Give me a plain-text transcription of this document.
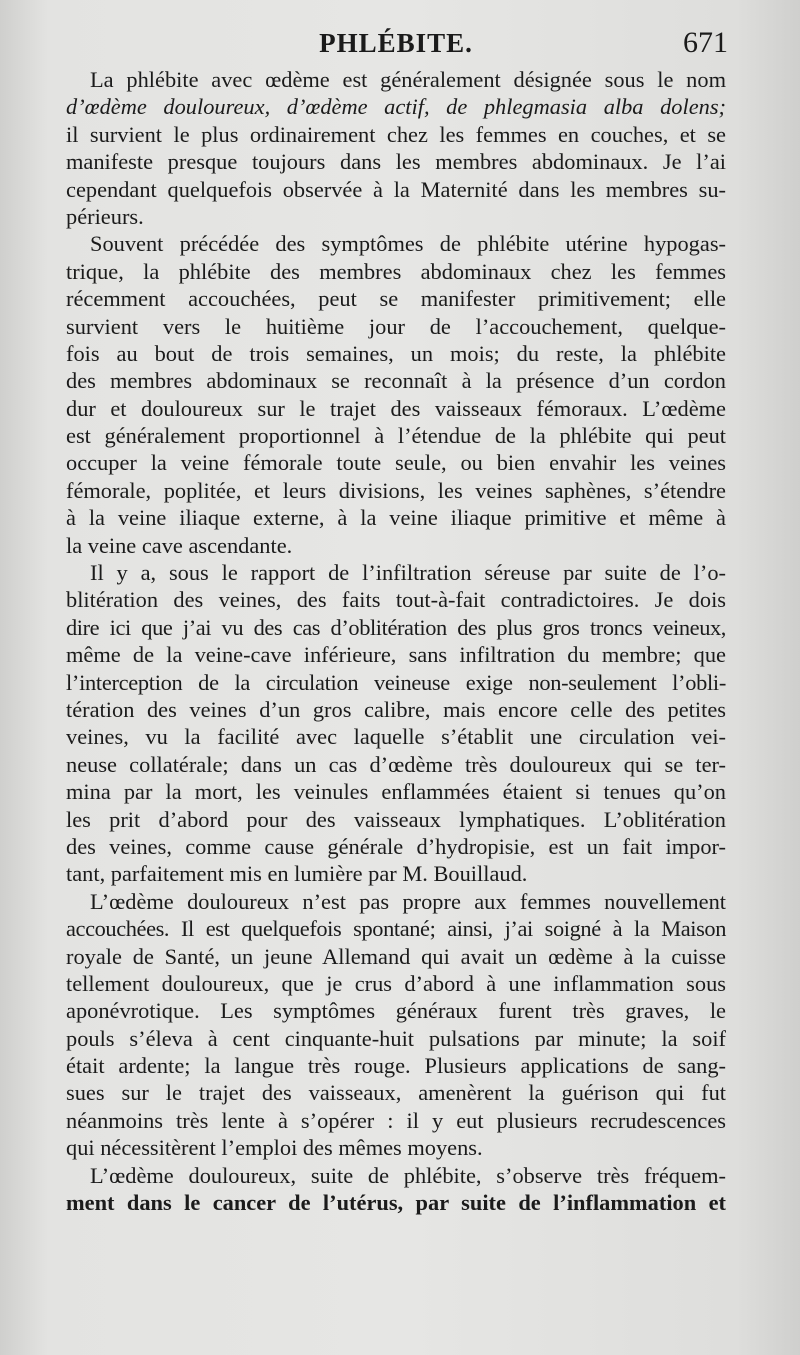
PHLÉBITE.	671
La phlébite avec œdème est généralement désignée sous le nom
d’œdème douloureux, d’œdème actif, de phlegmasia alba dolens;
il survient le plus ordinairement chez les femmes en couches, et se
manifeste presque toujours dans les membres abdominaux. Je l’ai
cependant quelquefois observée à la Maternité dans les membres su-
périeurs.
Souvent précédée des symptômes de phlébite utérine hypogas-
trique, la phlébite des membres abdominaux chez les femmes
récemment accouchées, peut se manifester primitivement; elle
survient vers le huitième jour de l’accouchement, quelque-
fois au bout de trois semaines, un mois; du reste, la phlébite
des membres abdominaux se reconnaît à la présence d’un cordon
dur et douloureux sur le trajet des vaisseaux fémoraux. L’œdème
est généralement proportionnel à l’étendue de la phlébite qui peut
occuper la veine fémorale toute seule, ou bien envahir les veines
fémorale, poplitée, et leurs divisions, les veines saphènes, s’étendre
à la veine iliaque externe, à la veine iliaque primitive et même à
la veine cave ascendante.
Il y a, sous le rapport de l’infiltration séreuse par suite de l’o-
blitération des veines, des faits tout-à-fait contradictoires. Je dois
dire ici que j’ai vu des cas d’oblitération des plus gros troncs veineux,
même de la veine-cave inférieure, sans infiltration du membre; que
l’interception de la circulation veineuse exige non-seulement l’obli-
tération des veines d’un gros calibre, mais encore celle des petites
veines, vu la facilité avec laquelle s’établit une circulation vei-
neuse collatérale; dans un cas d’œdème très douloureux qui se ter-
mina par la mort, les veinules enflammées étaient si tenues qu’on
les prit d’abord pour des vaisseaux lymphatiques. L’oblitération
des veines, comme cause générale d’hydropisie, est un fait impor-
tant, parfaitement mis en lumière par M. Bouillaud.
L’œdème douloureux n’est pas propre aux femmes nouvellement
accouchées. Il est quelquefois spontané; ainsi, j’ai soigné à la Maison
royale de Santé, un jeune Allemand qui avait un œdème à la cuisse
tellement douloureux, que je crus d’abord à une inflammation sous
aponévrotique. Les symptômes généraux furent très graves, le
pouls s’éleva à cent cinquante-huit pulsations par minute; la soif
était ardente; la langue très rouge. Plusieurs applications de sang-
sues sur le trajet des vaisseaux, amenèrent la guérison qui fut
néanmoins très lente à s’opérer : il y eut plusieurs recrudescences
qui nécessitèrent l’emploi des mêmes moyens.
L’œdème douloureux, suite de phlébite, s’observe très fréquem-
ment dans le cancer de l’utérus, par suite de l’inflammation et
